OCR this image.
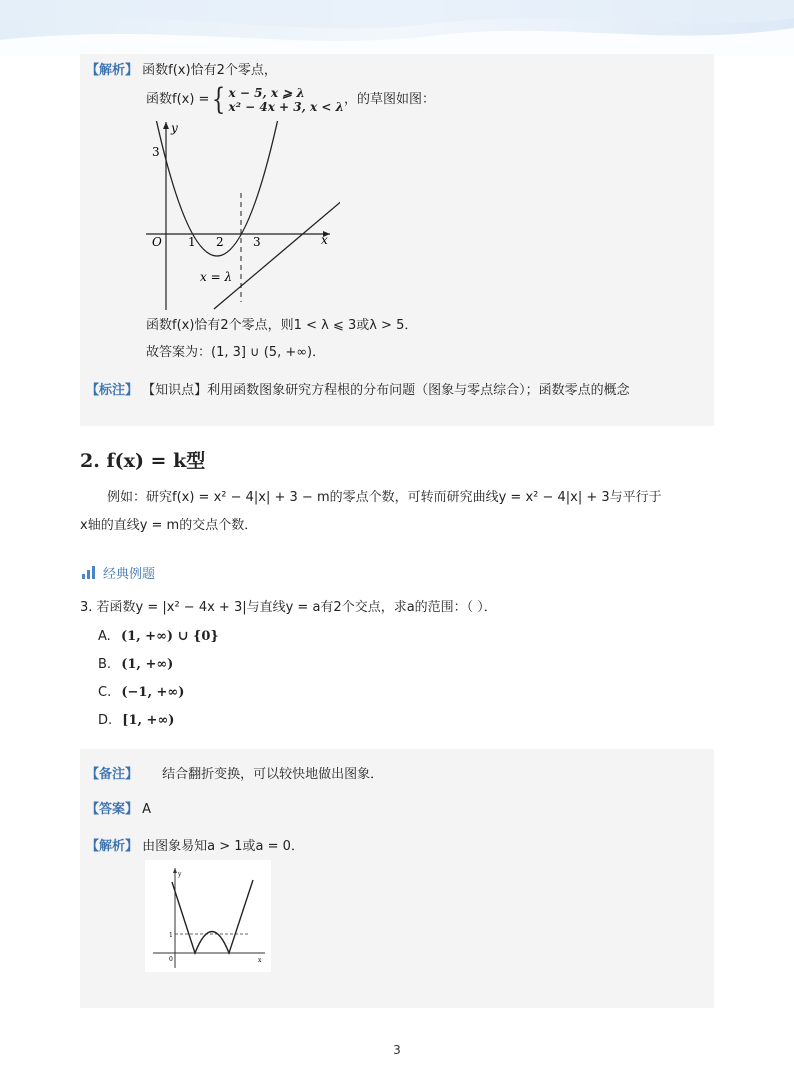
【解析】 函数f(x)恰有2个零点，
函数f(x) = { x − 5, x ⩾ λ
x² − 4x + 3, x < λ ，的草图如图：
y
x
O
3
1 2 3
x = λ
函数f(x)恰有2个零点，则1 < λ ⩽ 3或λ > 5．
故答案为：(1, 3] ∪ (5, +∞)．
【标注】 【知识点】利用函数图象研究方程根的分布问题（图象与零点综合）；函数零点的概念
2. f(x) = k型
例如：研究f(x) = x² − 4|x| + 3 − m的零点个数，可转而研究曲线y = x² − 4|x| + 3与平行于
x轴的直线y = m的交点个数．
经典例题
3. 若函数y = |x² − 4x + 3|与直线y = a有2个交点，求a的范围：（ ）．
A. (1, +∞) ∪ {0}
B. (1, +∞)
C. (−1, +∞)
D. [1, +∞)
【备注】 结合翻折变换，可以较快地做出图象．
【答案】 A
【解析】 由图象易知a > 1或a = 0．
y
x
0
1
3
